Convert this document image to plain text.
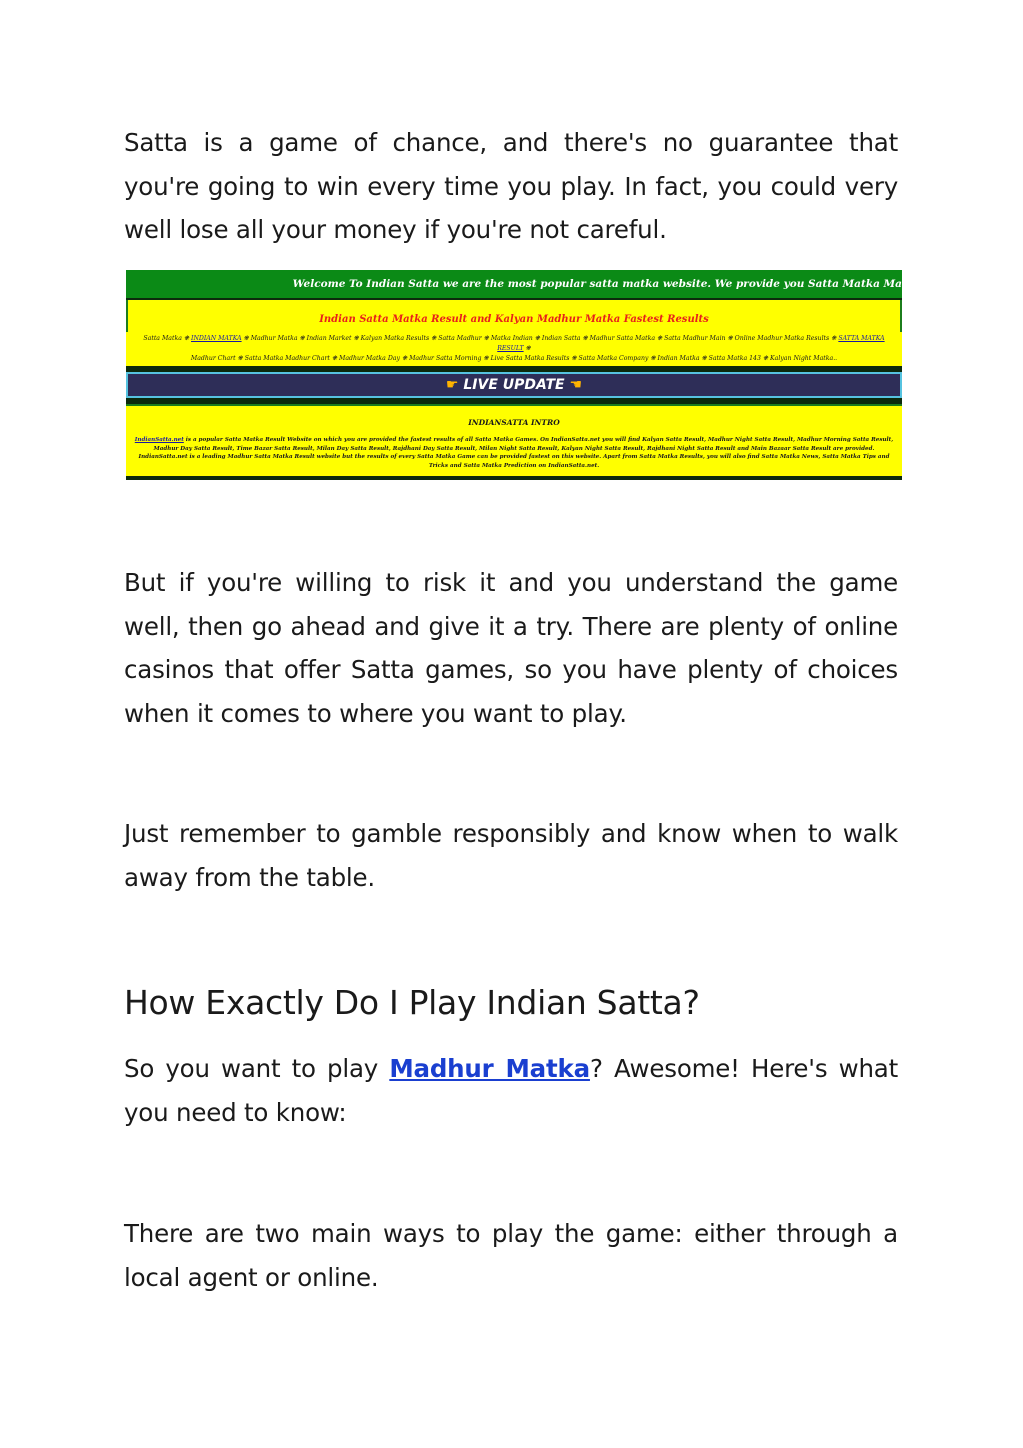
Satta is a game of chance, and there's no guarantee that you're going to win every time you play. In fact, you could very well lose all your money if you're not careful.

Welcome To Indian Satta we are the most popular satta matka website. We provide you Satta Matka Ma
Indian Satta Matka Result and Kalyan Madhur Matka Fastest Results
Satta Matka ❋ INDIAN MATKA ❋ Madhur Matka ❋ Indian Market ❋ Kalyan Matka Results ❋ Satta Madhur ❋ Matka Indian ❋ Indian Satta ❋ Madhur Satta Matka ❋ Satta Madhur Main ❋ Online Madhur Matka Results ❋ SATTA MATKA RESULT ❋
Madhur Chart ❋ Satta Matka Madhur Chart ❋ Madhur Matka Day ❋ Madhur Satta Morning ❋ Live Satta Matka Results ❋ Satta Matka Company ❋ Indian Matka ❋ Satta Matka 143 ❋ Kalyan Night Matka..
☛ LIVE UPDATE ☚
INDIANSATTA INTRO
IndianSatta.net is a popular Satta Matka Result Website on which you are provided the fastest results of all Satta Matka Games. On IndianSatta.net you will find Kalyan Satta Result, Madhur Night Satta Result, Madhur Morning Satta Result, Madhur Day Satta Result, Time Bazar Satta Result, Milan Day Satta Result, Rajdhani Day Satta Result, Milan Night Satta Result, Kalyan Night Satta Result, Rajdhani Night Satta Result and Main Bazaar Satta Result are provided. IndianSatta.net is a leading Madhur Satta Matka Result website but the results of every Satta Matka Game can be provided fastest on this website. Apart from Satta Matka Results, you will also find Satta Matka News, Satta Matka Tips and Tricks and Satta Matka Prediction on IndianSatta.net.

But if you're willing to risk it and you understand the game well, then go ahead and give it a try. There are plenty of online casinos that offer Satta games, so you have plenty of choices when it comes to where you want to play.

Just remember to gamble responsibly and know when to walk away from the table.

How Exactly Do I Play Indian Satta?

So you want to play Madhur Matka? Awesome! Here's what you need to know:

There are two main ways to play the game: either through a local agent or online.
